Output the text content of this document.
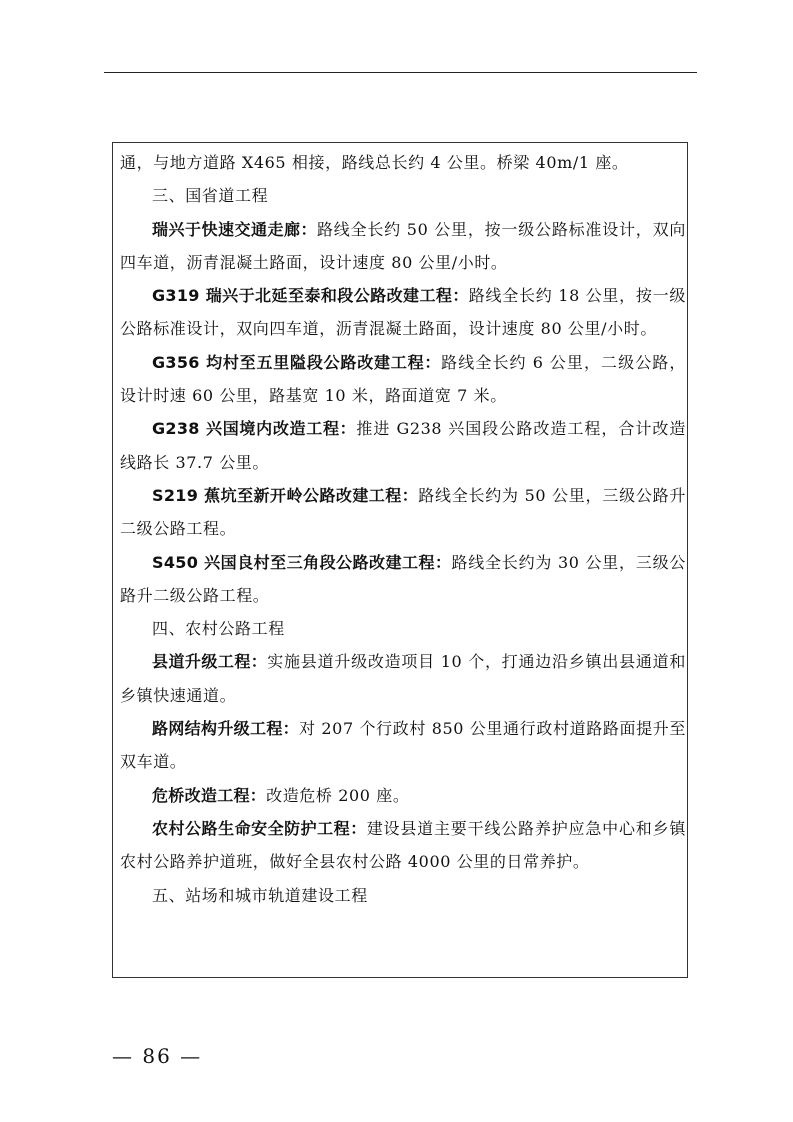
通，与地方道路 X465 相接，路线总长约 4 公里。桥梁 40m/1 座。

三、国省道工程

瑞兴于快速交通走廊：路线全长约 50 公里，按一级公路标准设计，双向四车道，沥青混凝土路面，设计速度 80 公里/小时。

G319 瑞兴于北延至泰和段公路改建工程：路线全长约 18 公里，按一级公路标准设计，双向四车道，沥青混凝土路面，设计速度 80 公里/小时。

G356 均村至五里隘段公路改建工程：路线全长约 6 公里，二级公路，设计时速 60 公里，路基宽 10 米，路面道宽 7 米。

G238 兴国境内改造工程：推进 G238 兴国段公路改造工程，合计改造线路长 37.7 公里。

S219 蕉坑至新开岭公路改建工程：路线全长约为 50 公里，三级公路升二级公路工程。

S450 兴国良村至三角段公路改建工程：路线全长约为 30 公里，三级公路升二级公路工程。

四、农村公路工程

县道升级工程：实施县道升级改造项目 10 个，打通边沿乡镇出县通道和乡镇快速通道。

路网结构升级工程：对 207 个行政村 850 公里通行政村道路路面提升至双车道。

危桥改造工程：改造危桥 200 座。

农村公路生命安全防护工程：建设县道主要干线公路养护应急中心和乡镇农村公路养护道班，做好全县农村公路 4000 公里的日常养护。

五、站场和城市轨道建设工程

— 86 —
